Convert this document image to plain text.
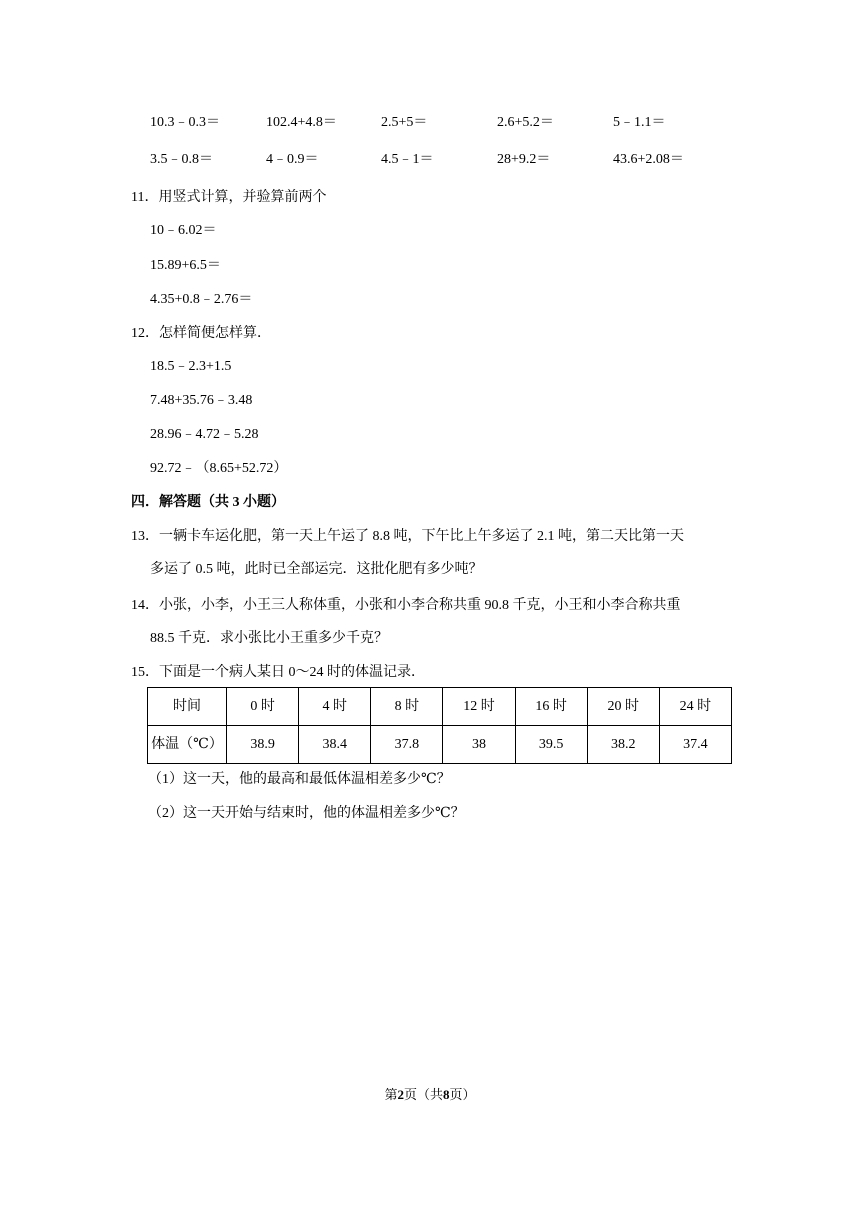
10.3﹣0.3＝	102.4+4.8＝	2.5+5＝	2.6+5.2＝	5﹣1.1＝
3.5﹣0.8＝	4﹣0.9＝	4.5﹣1＝	28+9.2＝	43.6+2.08＝
11．用竖式计算，并验算前两个
10﹣6.02＝
15.89+6.5＝
4.35+0.8﹣2.76＝
12．怎样简便怎样算．
18.5﹣2.3+1.5
7.48+35.76﹣3.48
28.96﹣4.72﹣5.28
92.72﹣（8.65+52.72）
四．解答题（共 3 小题）
13．一辆卡车运化肥，第一天上午运了 8.8 吨，下午比上午多运了 2.1 吨，第二天比第一天
多运了 0.5 吨，此时已全部运完．这批化肥有多少吨？
14．小张，小李，小王三人称体重，小张和小李合称共重 90.8 千克，小王和小李合称共重
88.5 千克．求小张比小王重多少千克？
15．下面是一个病人某日 0～24 时的体温记录．
时间	0 时	4 时	8 时	12 时	16 时	20 时	24 时
体温（℃）	38.9	38.4	37.8	38	39.5	38.2	37.4
（1）这一天，他的最高和最低体温相差多少℃？
（2）这一天开始与结束时，他的体温相差多少℃？
第2页（共8页）
